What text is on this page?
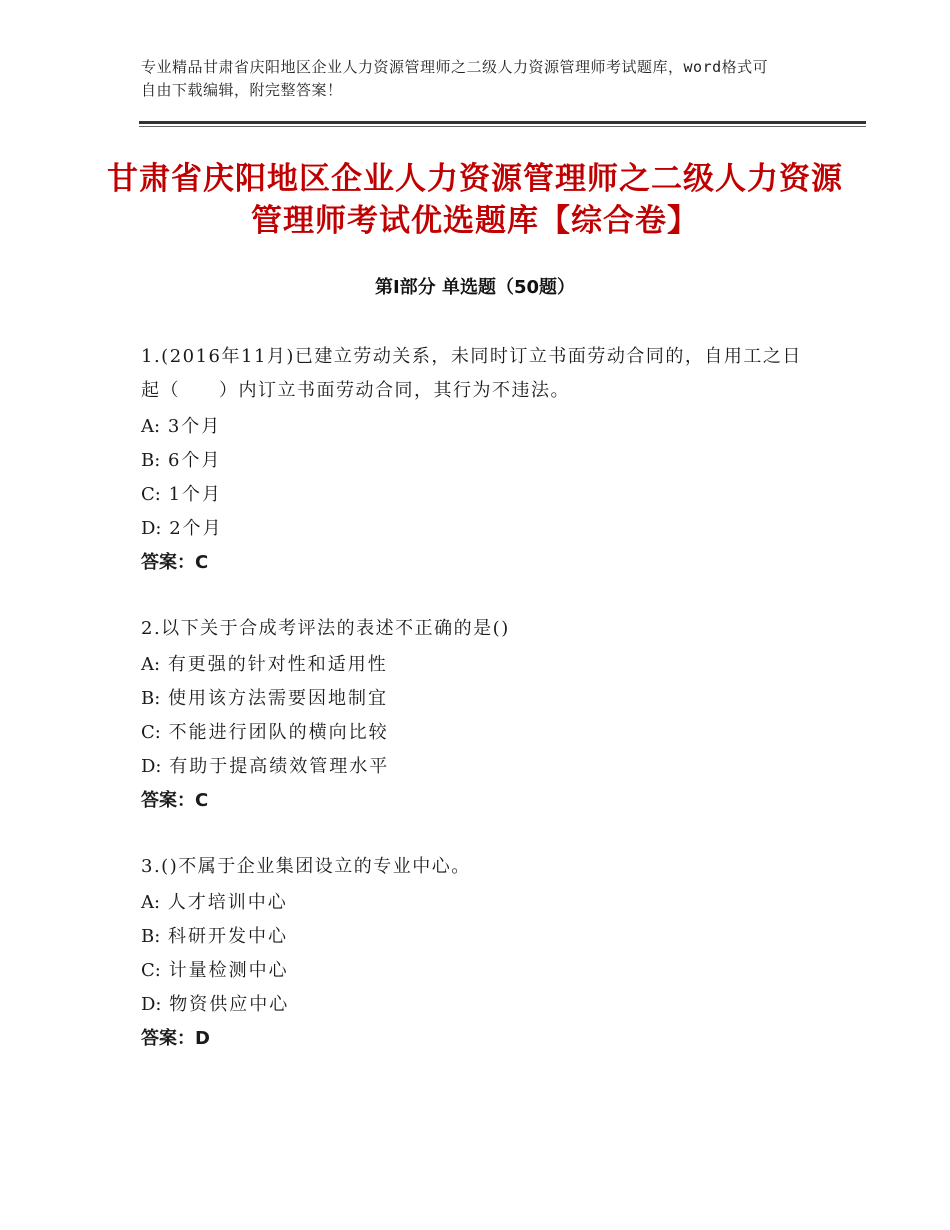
专业精品甘肃省庆阳地区企业人力资源管理师之二级人力资源管理师考试题库，word格式可自由下载编辑，附完整答案！
甘肃省庆阳地区企业人力资源管理师之二级人力资源管理师考试优选题库【综合卷】
第Ⅰ部分 单选题（50题）
1.(2016年11月)已建立劳动关系，未同时订立书面劳动合同的，自用工之日起（　　）内订立书面劳动合同，其行为不违法。
A: 3个月
B: 6个月
C: 1个月
D: 2个月
答案：C
2.以下关于合成考评法的表述不正确的是()
A: 有更强的针对性和适用性
B: 使用该方法需要因地制宜
C: 不能进行团队的横向比较
D: 有助于提高绩效管理水平
答案：C
3.()不属于企业集团设立的专业中心。
A: 人才培训中心
B: 科研开发中心
C: 计量检测中心
D: 物资供应中心
答案：D
